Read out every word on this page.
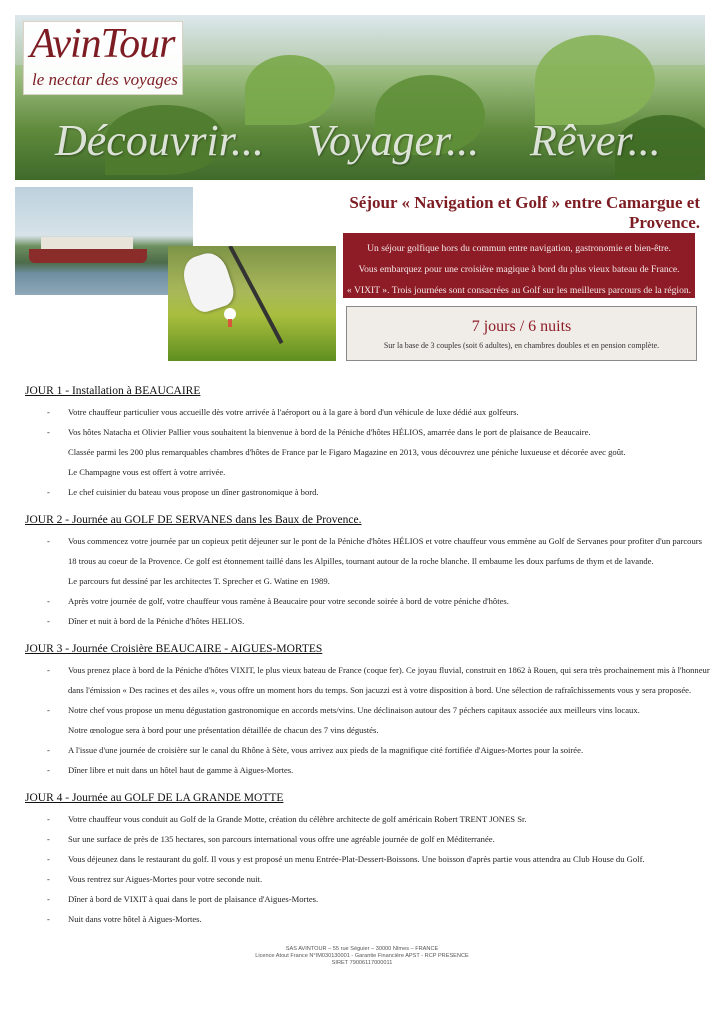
AvinTour
le nectar des voyages
Découvrir... Voyager... Rêver...
Séjour « Navigation et Golf » entre Camargue et Provence.
Un séjour golfique hors du commun entre navigation, gastronomie et bien-être.
Vous embarquez pour une croisière magique à bord du plus vieux bateau de France.
« VIXIT ». Trois journées sont consacrées au Golf sur les meilleurs parcours de la région.
7 jours / 6 nuits
Sur la base de 3 couples (soit 6 adultes), en chambres doubles et en pension complète.
JOUR 1 - Installation à BEAUCAIRE
- Votre chauffeur particulier vous accueille dès votre arrivée à l'aéroport ou à la gare à bord d'un véhicule de luxe dédié aux golfeurs.
- Vos hôtes Natacha et Olivier Pallier vous souhaitent la bienvenue à bord de la Péniche d'hôtes HÉLIOS, amarrée dans le port de plaisance de Beaucaire.
Classée parmi les 200 plus remarquables chambres d'hôtes de France par le Figaro Magazine en 2013, vous découvrez une péniche luxueuse et décorée avec goût.
Le Champagne vous est offert à votre arrivée.
- Le chef cuisinier du bateau vous propose un dîner gastronomique à bord.
JOUR 2 - Journée au GOLF DE SERVANES dans les Baux de Provence.
- Vous commencez votre journée par un copieux petit déjeuner sur le pont de la Péniche d'hôtes HÉLIOS et votre chauffeur vous emmène au Golf de Servanes pour profiter d'un parcours
18 trous au coeur de la Provence. Ce golf est étonnement taillé dans les Alpilles, tournant autour de la roche blanche. Il embaume les doux parfums de thym et de lavande.
Le parcours fut dessiné par les architectes T. Sprecher et G. Watine en 1989.
- Après votre journée de golf, votre chauffeur vous ramène à Beaucaire pour votre seconde soirée à bord de votre péniche d'hôtes.
- Dîner et nuit à bord de la Péniche d'hôtes HELIOS.
JOUR 3 - Journée Croisière BEAUCAIRE - AIGUES-MORTES
- Vous prenez place à bord de la Péniche d'hôtes VIXIT, le plus vieux bateau de France (coque fer). Ce joyau fluvial, construit en 1862 à Rouen, qui sera très prochainement mis à l'honneur
dans l'émission « Des racines et des ailes », vous offre un moment hors du temps. Son jacuzzi est à votre disposition à bord. Une sélection de rafraîchissements vous y sera proposée.
- Notre chef vous propose un menu dégustation gastronomique en accords mets/vins. Une déclinaison autour des 7 péchers capitaux associée aux meilleurs vins locaux.
Notre œnologue sera à bord pour une présentation détaillée de chacun des 7 vins dégustés.
- A l'issue d'une journée de croisière sur le canal du Rhône à Sète, vous arrivez aux pieds de la magnifique cité fortifiée d'Aigues-Mortes pour la soirée.
- Dîner libre et nuit dans un hôtel haut de gamme à Aigues-Mortes.
JOUR 4 - Journée au GOLF DE LA GRANDE MOTTE
- Votre chauffeur vous conduit au Golf de la Grande Motte, création du célèbre architecte de golf américain Robert TRENT JONES Sr.
- Sur une surface de près de 135 hectares, son parcours international vous offre une agréable journée de golf en Méditerranée.
- Vous déjeunez dans le restaurant du golf. Il vous y est proposé un menu Entrée-Plat-Dessert-Boissons. Une boisson d'après partie vous attendra au Club House du Golf.
- Vous rentrez sur Aigues-Mortes pour votre seconde nuit.
- Dîner à bord de VIXIT à quai dans le port de plaisance d'Aigues-Mortes.
- Nuit dans votre hôtel à Aigues-Mortes.
SAS AVINTOUR – 55 rue Séguier – 30000 Nîmes – FRANCE
Licence Atout France N°IM030130001 - Garantie Financière APST - RCP PRESENCE
SIRET 79006117000011
